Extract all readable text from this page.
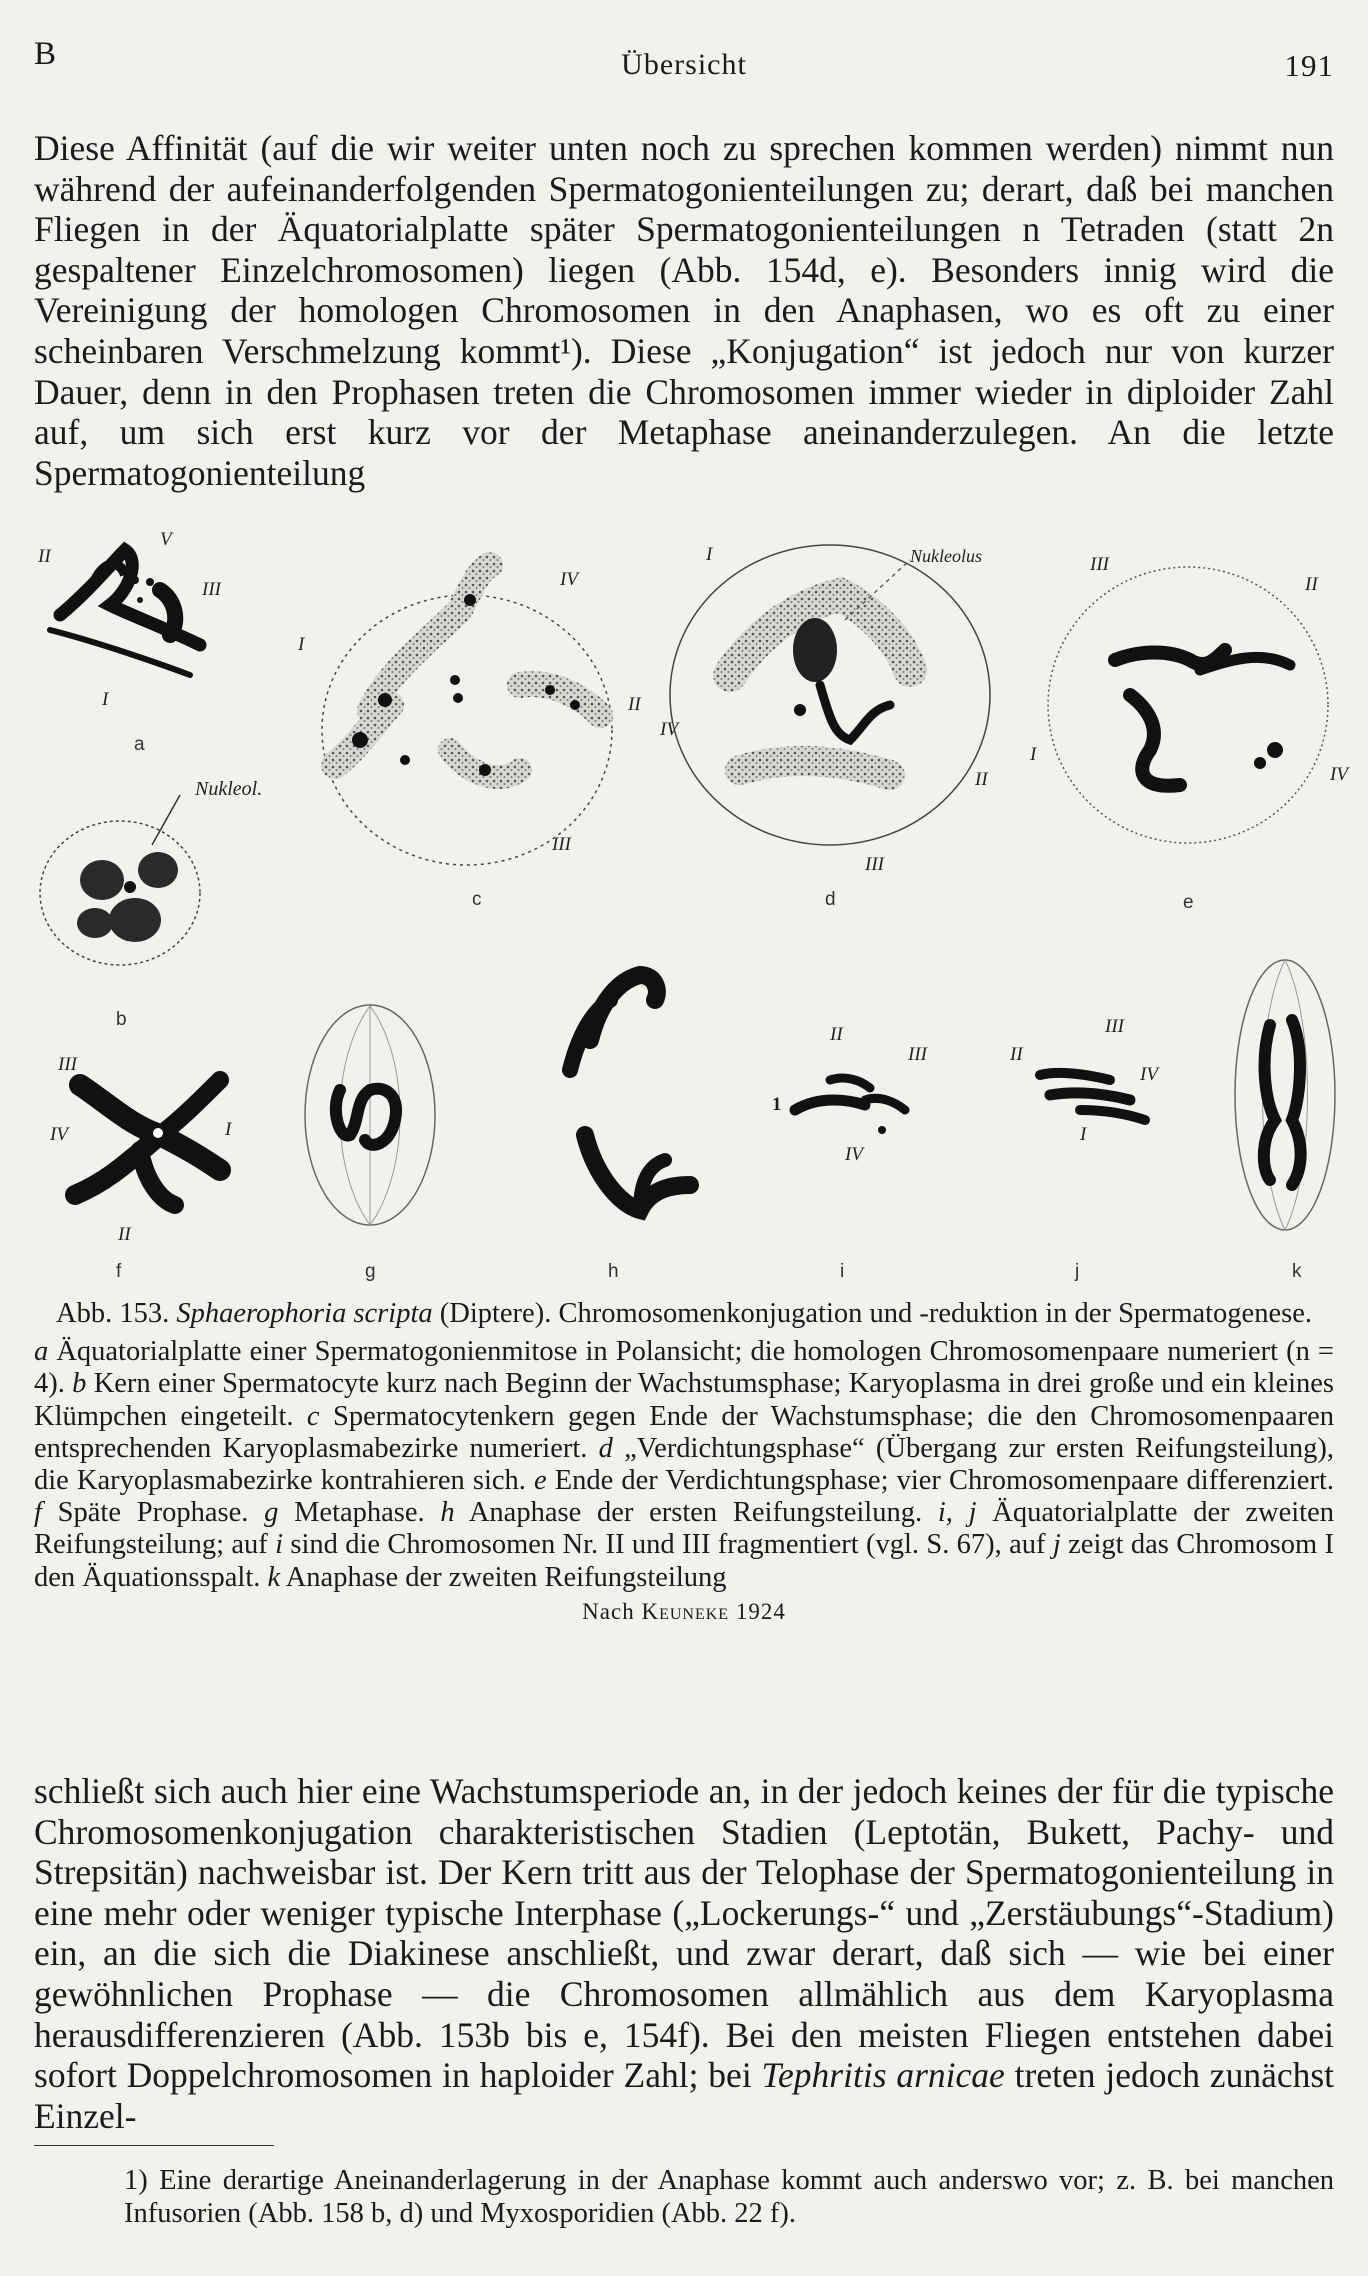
B	Übersicht	191

Diese Affinität (auf die wir weiter unten noch zu sprechen kommen werden) nimmt nun während der aufeinanderfolgenden Spermatogonienteilungen zu; derart, daß bei manchen Fliegen in der Äquatorialplatte später Spermatogonienteilungen n Tetraden (statt 2n gespaltener Einzelchromosomen) liegen (Abb. 154d, e). Besonders innig wird die Vereinigung der homologen Chromosomen in den Anaphasen, wo es oft zu einer scheinbaren Verschmelzung kommt¹). Diese „Konjugation“ ist jedoch nur von kurzer Dauer, denn in den Prophasen treten die Chromosomen immer wieder in diploider Zahl auf, um sich erst kurz vor der Metaphase aneinanderzulegen. An die letzte Spermatogonienteilung

II
V
III
I
I
IV
II
III
Nukleolus
I
IV
II
III
III
II
I
IV
Nukleol.
III
IV	I
II
II
III
1
IV
II
III
IV
I
a
b
c	d	e
f	g	h	i	j	k
Abb. 153. Sphaerophoria scripta (Diptere). Chromosomenkonjugation und -reduktion in der Spermatogenese.
a Äquatorialplatte einer Spermatogonienmitose in Polansicht; die homologen Chromosomenpaare numeriert (n = 4). b Kern einer Spermatocyte kurz nach Beginn der Wachstumsphase; Karyoplasma in drei große und ein kleines Klümpchen eingeteilt. c Spermatocytenkern gegen Ende der Wachstumsphase; die den Chromosomenpaaren entsprechenden Karyoplasmabezirke numeriert. d „Verdichtungsphase“ (Übergang zur ersten Reifungsteilung), die Karyoplasmabezirke kontrahieren sich. e Ende der Verdichtungsphase; vier Chromosomenpaare differenziert. f Späte Prophase. g Metaphase. h Anaphase der ersten Reifungsteilung. i, j Äquatorialplatte der zweiten Reifungsteilung; auf i sind die Chromosomen Nr. II und III fragmentiert (vgl. S. 67), auf j zeigt das Chromosom I den Äquationsspalt. k Anaphase der zweiten Reifungsteilung
Nach Keuneke 1924

schließt sich auch hier eine Wachstumsperiode an, in der jedoch keines der für die typische Chromosomenkonjugation charakteristischen Stadien (Leptotän, Bukett, Pachy- und Strepsitän) nachweisbar ist. Der Kern tritt aus der Telophase der Spermatogonienteilung in eine mehr oder weniger typische Interphase („Lockerungs-“ und „Zerstäubungs“-Stadium) ein, an die sich die Diakinese anschließt, und zwar derart, daß sich — wie bei einer gewöhnlichen Prophase — die Chromosomen allmählich aus dem Karyoplasma herausdifferenzieren (Abb. 153b bis e, 154f). Bei den meisten Fliegen entstehen dabei sofort Doppelchromosomen in haploider Zahl; bei Tephritis arnicae treten jedoch zunächst Einzel-

1) Eine derartige Aneinanderlagerung in der Anaphase kommt auch anderswo vor; z. B. bei manchen Infusorien (Abb. 158 b, d) und Myxosporidien (Abb. 22 f).
